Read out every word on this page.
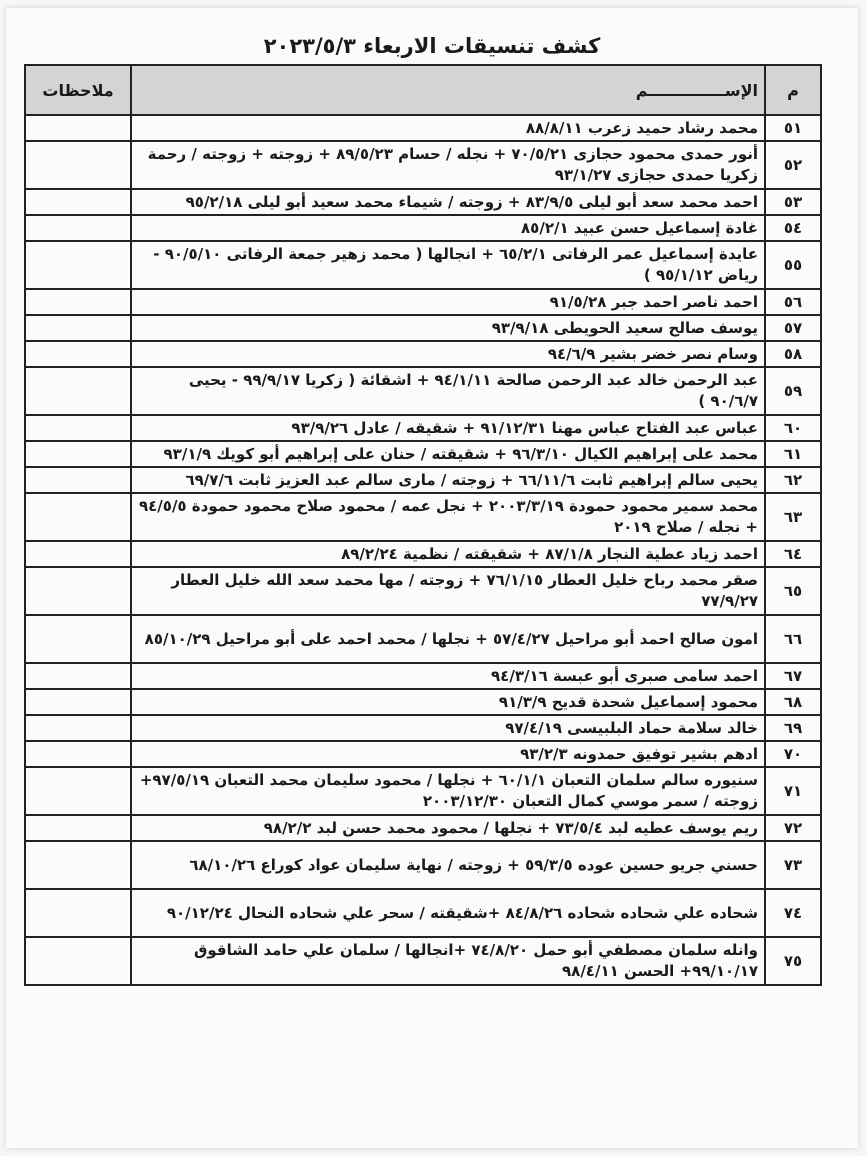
كشف تنسيقات الاربعاء ٢٠٢٣/٥/٣
م	الإســــــــــــــم	ملاحظات
٥١	محمد رشاد حميد زعرب ٨٨/٨/١١	
٥٢	أنور حمدى محمود حجازى ٧٠/٥/٢١ + نجله / حسام ٨٩/٥/٢٣ + زوجته + زوجته / رحمة زكريا حمدى حجازى ٩٣/١/٢٧	
٥٣	احمد محمد سعد أبو ليلى ٨٣/٩/٥ + زوجته / شيماء محمد سعيد أبو ليلى ٩٥/٢/١٨	
٥٤	غادة إسماعيل حسن عبيد ٨٥/٢/١	
٥٥	عايدة إسماعيل عمر الرفاتى ٦٥/٢/١ + انجالها ( محمد زهير جمعة الرفاتى ٩٠/٥/١٠ - رياض ٩٥/١/١٢ )	
٥٦	احمد ناصر احمد جبر ٩١/٥/٢٨	
٥٧	يوسف صالح سعيد الحويطى ٩٣/٩/١٨	
٥٨	وسام نصر خضر بشير ٩٤/٦/٩	
٥٩	عبد الرحمن خالد عبد الرحمن صالحة ٩٤/١/١١ + اشقائة ( زكريا ٩٩/٩/١٧ - يحيى ٩٠/٦/٧ )	
٦٠	عباس عبد الفتاح عباس مهنا ٩١/١٢/٣١ + شقيقه / عادل ٩٣/٩/٢٦	
٦١	محمد على إبراهيم الكيال ٩٦/٣/١٠ + شقيقته / حنان على إبراهيم أبو كويك ٩٣/١/٩	
٦٢	يحيى سالم إبراهيم ثابت ٦٦/١١/٦ + زوجته / مارى سالم عبد العزيز ثابت ٦٩/٧/٦	
٦٣	محمد سمير محمود حمودة ٢٠٠٣/٣/١٩ + نجل عمه / محمود صلاح محمود حمودة ٩٤/٥/٥ + نجله / صلاح ٢٠١٩	
٦٤	احمد زياد عطية النجار ٨٧/١/٨ + شقيقته / نظمية ٨٩/٢/٢٤	
٦٥	صقر محمد رباح خليل العطار ٧٦/١/١٥ + زوجته / مها محمد سعد الله خليل العطار ٧٧/٩/٢٧	
٦٦	امون صالح احمد أبو مراحيل ٥٧/٤/٢٧ + نجلها / محمد احمد على أبو مراحيل ٨٥/١٠/٢٩	
٦٧	احمد سامى صبرى أبو عبسة ٩٤/٣/١٦	
٦٨	محمود إسماعيل شحدة قديح ٩١/٣/٩	
٦٩	خالد سلامة حماد البلبيسى ٩٧/٤/١٩	
٧٠	ادهم بشير توفيق حمدونه ٩٣/٢/٣	
٧١	سنيوره سالم سلمان التعبان ٦٠/١/١ + نجلها / محمود سليمان محمد التعبان ٩٧/٥/١٩+ زوجته / سمر موسي كمال التعبان ٢٠٠٣/١٢/٣٠	
٧٢	ريم يوسف عطيه لبد ٧٣/٥/٤ + نجلها / محمود محمد حسن لبد ٩٨/٢/٢	
٧٣	حسني جريو حسين عوده ٥٩/٣/٥ + زوجته / نهاية سليمان عواد كوراع ٦٨/١٠/٢٦	
٧٤	شحاده علي شحاده شحاده ٨٤/٨/٢٦ +شقيقته / سحر علي شحاده النحال ٩٠/١٢/٢٤	
٧٥	وانله سلمان مصطفي أبو حمل ٧٤/٨/٢٠ +انجالها / سلمان علي حامد الشاقوق ٩٩/١٠/١٧+ الحسن ٩٨/٤/١١	
